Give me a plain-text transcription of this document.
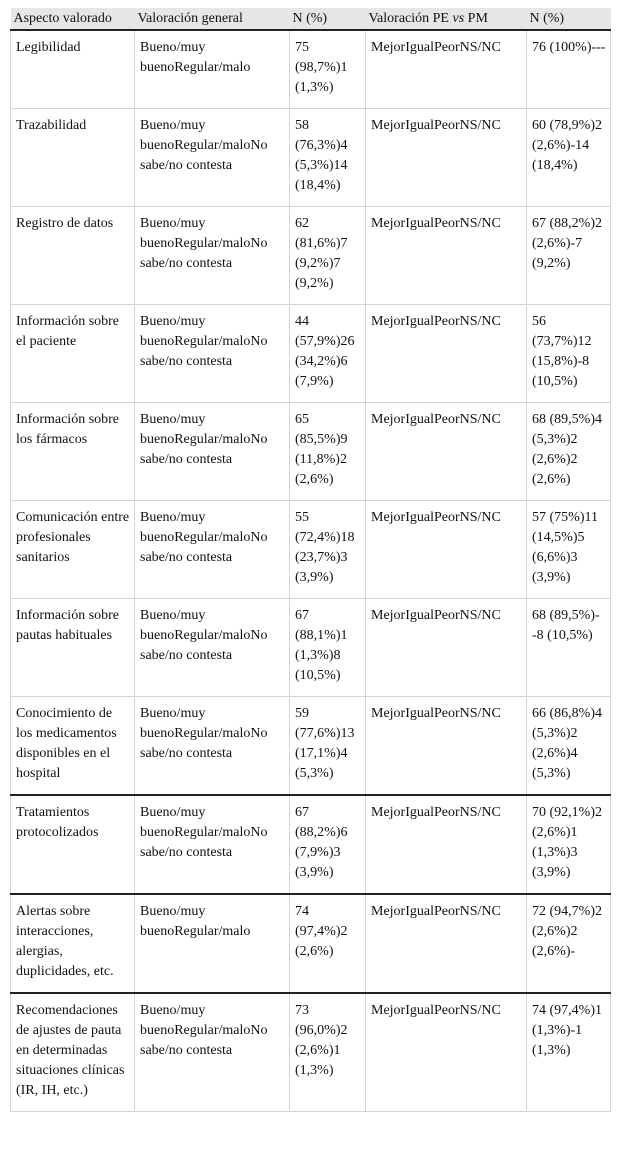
Aspecto valorado	Valoración general	N (%)	Valoración PE vs PM	N (%)
Legibilidad	Bueno/muy buenoRegular/malo	75 (98,7%)1 (1,3%)	MejorIgualPeorNS/NC	76 (100%)---
Trazabilidad	Bueno/muy buenoRegular/maloNo sabe/no contesta	58 (76,3%)4 (5,3%)14 (18,4%)	MejorIgualPeorNS/NC	60 (78,9%)2 (2,6%)-14 (18,4%)
Registro de datos	Bueno/muy buenoRegular/maloNo sabe/no contesta	62 (81,6%)7 (9,2%)7 (9,2%)	MejorIgualPeorNS/NC	67 (88,2%)2 (2,6%)-7 (9,2%)
Información sobre el paciente	Bueno/muy buenoRegular/maloNo sabe/no contesta	44 (57,9%)26 (34,2%)6 (7,9%)	MejorIgualPeorNS/NC	56 (73,7%)12 (15,8%)-8 (10,5%)
Información sobre los fármacos	Bueno/muy buenoRegular/maloNo sabe/no contesta	65 (85,5%)9 (11,8%)2 (2,6%)	MejorIgualPeorNS/NC	68 (89,5%)4 (5,3%)2 (2,6%)2 (2,6%)
Comunicación entre profesionales sanitarios	Bueno/muy buenoRegular/maloNo sabe/no contesta	55 (72,4%)18 (23,7%)3 (3,9%)	MejorIgualPeorNS/NC	57 (75%)11 (14,5%)5 (6,6%)3 (3,9%)
Información sobre pautas habituales	Bueno/muy buenoRegular/maloNo sabe/no contesta	67 (88,1%)1 (1,3%)8 (10,5%)	MejorIgualPeorNS/NC	68 (89,5%)--8 (10,5%)
Conocimiento de los medicamentos disponibles en el hospital	Bueno/muy buenoRegular/maloNo sabe/no contesta	59 (77,6%)13 (17,1%)4 (5,3%)	MejorIgualPeorNS/NC	66 (86,8%)4 (5,3%)2 (2,6%)4 (5,3%)
Tratamientos protocolizados	Bueno/muy buenoRegular/maloNo sabe/no contesta	67 (88,2%)6 (7,9%)3 (3,9%)	MejorIgualPeorNS/NC	70 (92,1%)2 (2,6%)1 (1,3%)3 (3,9%)
Alertas sobre interacciones, alergias, duplicidades, etc.	Bueno/muy buenoRegular/malo	74 (97,4%)2 (2,6%)	MejorIgualPeorNS/NC	72 (94,7%)2 (2,6%)2 (2,6%)-
Recomendaciones de ajustes de pauta en determinadas situaciones clínicas (IR, IH, etc.)	Bueno/muy buenoRegular/maloNo sabe/no contesta	73 (96,0%)2 (2,6%)1 (1,3%)	MejorIgualPeorNS/NC	74 (97,4%)1 (1,3%)-1 (1,3%)
